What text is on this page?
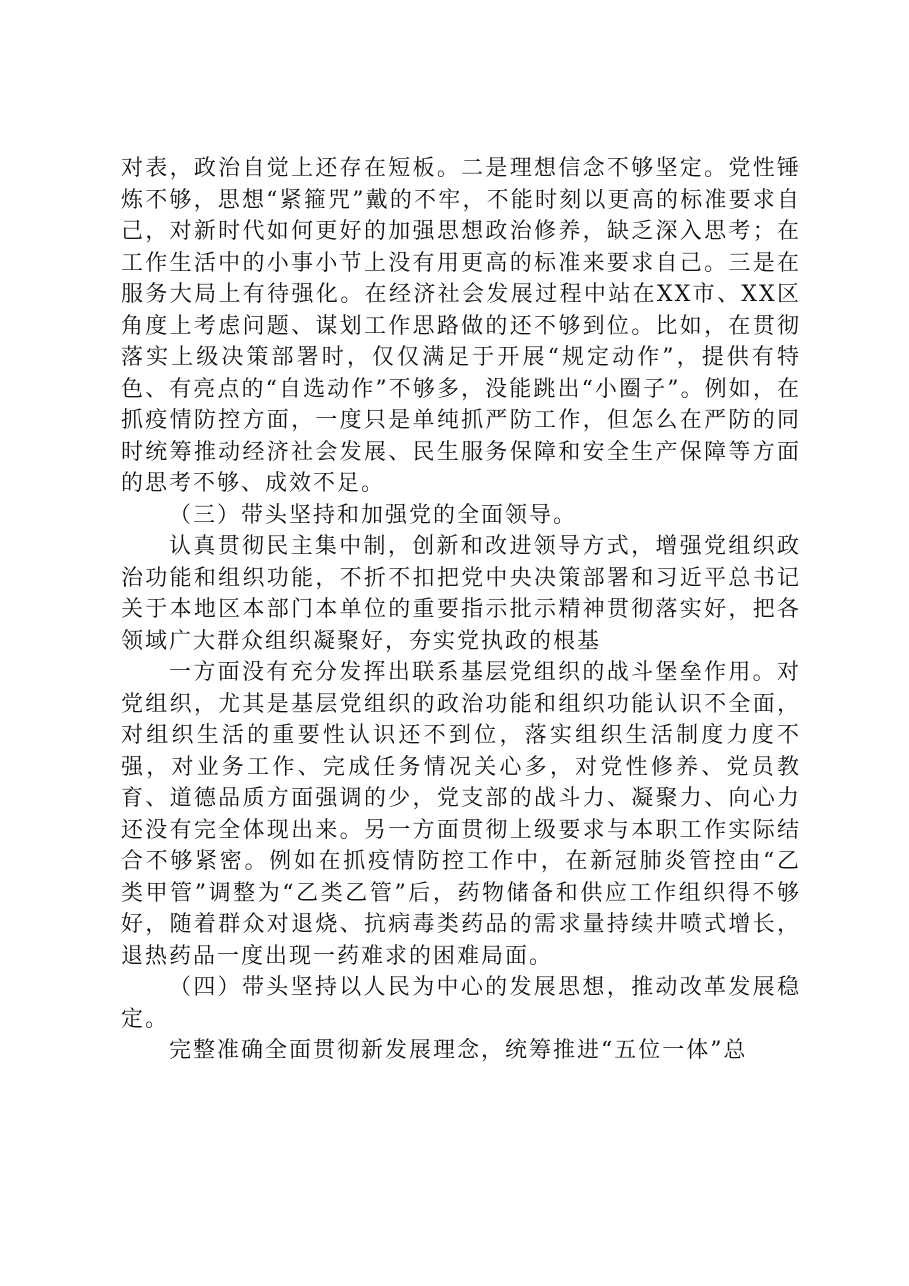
对表，政治自觉上还存在短板。二是理想信念不够坚定。党性锤炼不够，思想“紧箍咒”戴的不牢，不能时刻以更高的标准要求自己，对新时代如何更好的加强思想政治修养，缺乏深入思考；在工作生活中的小事小节上没有用更高的标准来要求自己。三是在服务大局上有待强化。在经济社会发展过程中站在XX市、XX区角度上考虑问题、谋划工作思路做的还不够到位。比如，在贯彻落实上级决策部署时，仅仅满足于开展“规定动作”，提供有特色、有亮点的“自选动作”不够多，没能跳出“小圈子”。例如，在抓疫情防控方面，一度只是单纯抓严防工作，但怎么在严防的同时统筹推动经济社会发展、民生服务保障和安全生产保障等方面的思考不够、成效不足。

（三）带头坚持和加强党的全面领导。

认真贯彻民主集中制，创新和改进领导方式，增强党组织政治功能和组织功能，不折不扣把党中央决策部署和习近平总书记关于本地区本部门本单位的重要指示批示精神贯彻落实好，把各领域广大群众组织凝聚好，夯实党执政的根基

一方面没有充分发挥出联系基层党组织的战斗堡垒作用。对党组织，尤其是基层党组织的政治功能和组织功能认识不全面，对组织生活的重要性认识还不到位，落实组织生活制度力度不强，对业务工作、完成任务情况关心多，对党性修养、党员教育、道德品质方面强调的少，党支部的战斗力、凝聚力、向心力还没有完全体现出来。另一方面贯彻上级要求与本职工作实际结合不够紧密。例如在抓疫情防控工作中，在新冠肺炎管控由“乙类甲管”调整为“乙类乙管”后，药物储备和供应工作组织得不够好，随着群众对退烧、抗病毒类药品的需求量持续井喷式增长，退热药品一度出现一药难求的困难局面。

（四）带头坚持以人民为中心的发展思想，推动改革发展稳定。

完整准确全面贯彻新发展理念，统筹推进“五位一体”总
